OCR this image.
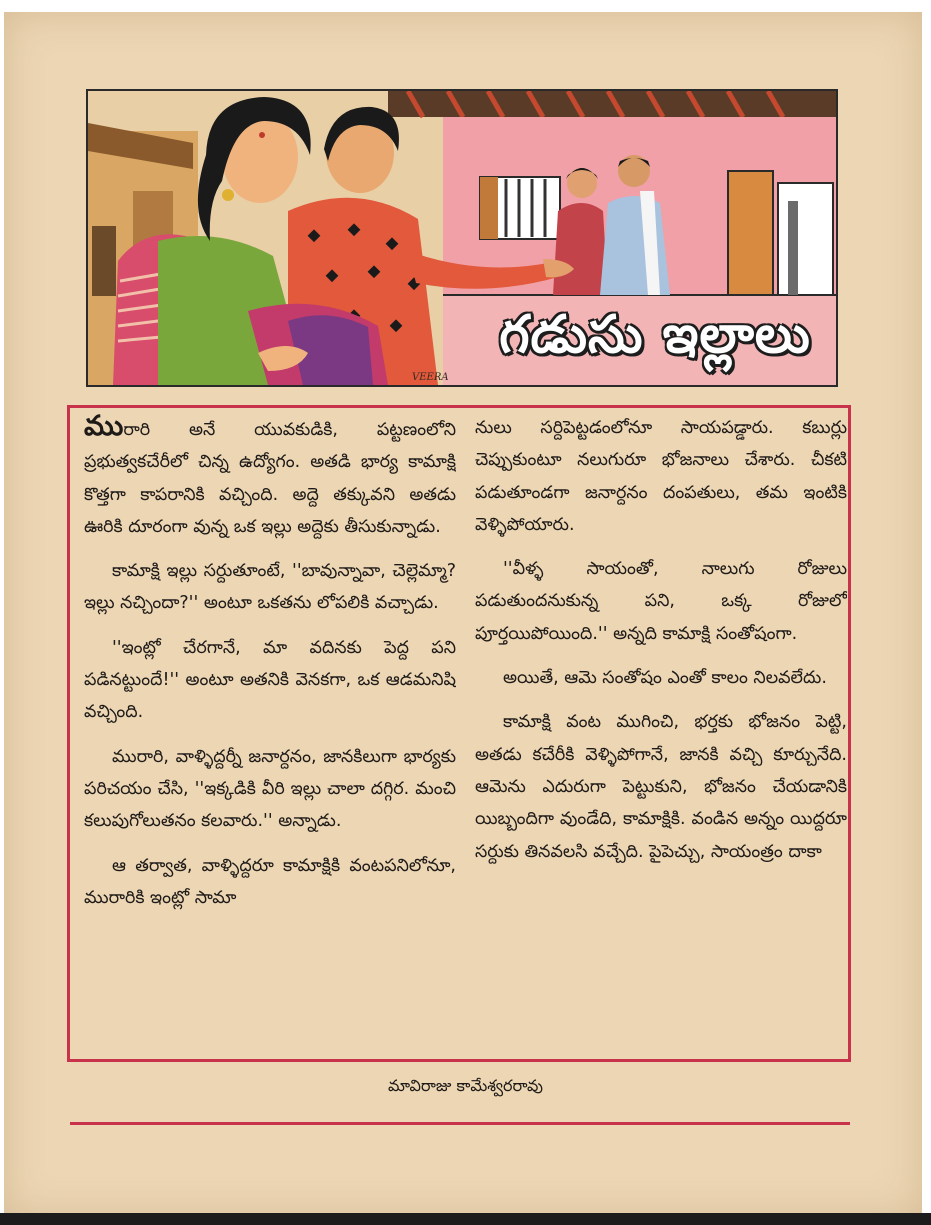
గడుసు ఇల్లాలు
VEERA

మురారి అనే యువకుడికి, పట్టణంలోని ప్రభుత్వకచేరీలో చిన్న ఉద్యోగం. అతడి భార్య కామాక్షి కొత్తగా కాపరానికి వచ్చింది. అద్దె తక్కువని అతడు ఊరికి దూరంగా వున్న ఒక ఇల్లు అద్దెకు తీసుకున్నాడు.

కామాక్షి ఇల్లు సర్దుతూంటే, ''బావున్నావా, చెల్లెమ్మా? ఇల్లు నచ్చిందా?'' అంటూ ఒకతను లోపలికి వచ్చాడు.

''ఇంట్లో చేరగానే, మా వదినకు పెద్ద పని పడినట్టుందే!'' అంటూ అతనికి వెనకగా, ఒక ఆడమనిషి వచ్చింది.

మురారి, వాళ్ళిద్దర్నీ జనార్దనం, జానకిలుగా భార్యకు పరిచయం చేసి, ''ఇక్కడికి వీరి ఇల్లు చాలా దగ్గిర. మంచి కలుపుగోలుతనం కలవారు.'' అన్నాడు.

ఆ తర్వాత, వాళ్ళిద్దరూ కామాక్షికి వంటపనిలోనూ, మురారికి ఇంట్లో సామా

నులు సర్దిపెట్టడంలోనూ సాయపడ్డారు. కబుర్లు చెప్పుకుంటూ నలుగురూ భోజనాలు చేశారు. చీకటి పడుతూండగా జనార్దనం దంపతులు, తమ ఇంటికి వెళ్ళిపోయారు.

''వీళ్ళ సాయంతో, నాలుగు రోజులు పడుతుందనుకున్న పని, ఒక్క రోజులో పూర్తయిపోయింది.'' అన్నది కామాక్షి సంతోషంగా.

అయితే, ఆమె సంతోషం ఎంతో కాలం నిలవలేదు.

కామాక్షి వంట ముగించి, భర్తకు భోజనం పెట్టి, అతడు కచేరీకి వెళ్ళిపోగానే, జానకి వచ్చి కూర్చునేది. ఆమెను ఎదురుగా పెట్టుకుని, భోజనం చేయడానికి యిబ్బందిగా వుండేది, కామాక్షికి. వండిన అన్నం యిద్దరూ సర్దుకు తినవలసి వచ్చేది. పైపెచ్చు, సాయంత్రం దాకా

మావిరాజు కామేశ్వరరావు
